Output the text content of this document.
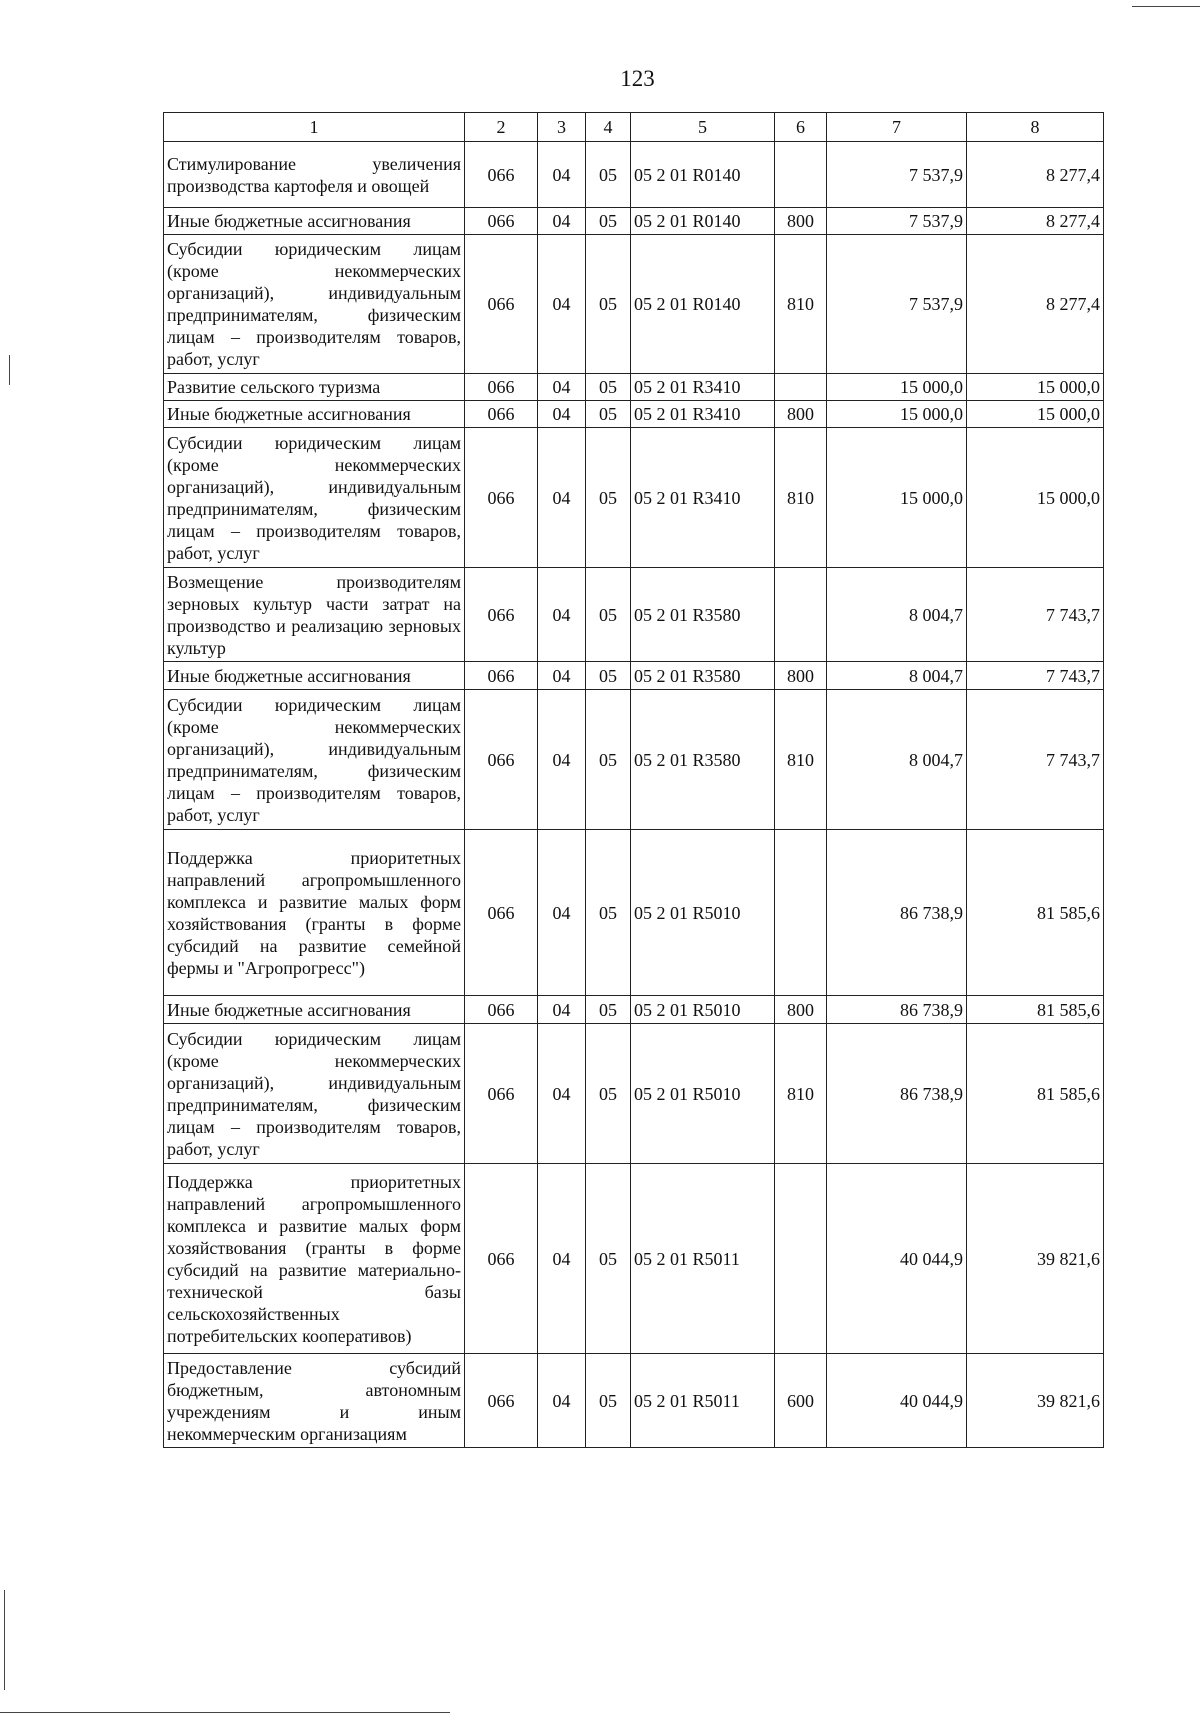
123
1	2	3	4	5	6	7	8
Стимулирование увеличения производства картофеля и овощей	066	04	05	05 2 01 R0140		7 537,9	8 277,4
Иные бюджетные ассигнования	066	04	05	05 2 01 R0140	800	7 537,9	8 277,4
Субсидии юридическим лицам (кроме некоммерческих организаций), индивидуальным предпринимателям, физическим лицам – производителям товаров, работ, услуг	066	04	05	05 2 01 R0140	810	7 537,9	8 277,4
Развитие сельского туризма	066	04	05	05 2 01 R3410		15 000,0	15 000,0
Иные бюджетные ассигнования	066	04	05	05 2 01 R3410	800	15 000,0	15 000,0
Субсидии юридическим лицам (кроме некоммерческих организаций), индивидуальным предпринимателям, физическим лицам – производителям товаров, работ, услуг	066	04	05	05 2 01 R3410	810	15 000,0	15 000,0
Возмещение производителям зерновых культур части затрат на производство и реализацию зерновых культур	066	04	05	05 2 01 R3580		8 004,7	7 743,7
Иные бюджетные ассигнования	066	04	05	05 2 01 R3580	800	8 004,7	7 743,7
Субсидии юридическим лицам (кроме некоммерческих организаций), индивидуальным предпринимателям, физическим лицам – производителям товаров, работ, услуг	066	04	05	05 2 01 R3580	810	8 004,7	7 743,7
Поддержка приоритетных направлений агропромышленного комплекса и развитие малых форм хозяйствования (гранты в форме субсидий на развитие семейной фермы и "Агропрогресс")	066	04	05	05 2 01 R5010		86 738,9	81 585,6
Иные бюджетные ассигнования	066	04	05	05 2 01 R5010	800	86 738,9	81 585,6
Субсидии юридическим лицам (кроме некоммерческих организаций), индивидуальным предпринимателям, физическим лицам – производителям товаров, работ, услуг	066	04	05	05 2 01 R5010	810	86 738,9	81 585,6
Поддержка приоритетных направлений агропромышленного комплекса и развитие малых форм хозяйствования (гранты в форме субсидий на развитие материально-технической базы сельскохозяйственных потребительских кооперативов)	066	04	05	05 2 01 R5011		40 044,9	39 821,6
Предоставление субсидий бюджетным, автономным учреждениям и иным некоммерческим организациям	066	04	05	05 2 01 R5011	600	40 044,9	39 821,6
